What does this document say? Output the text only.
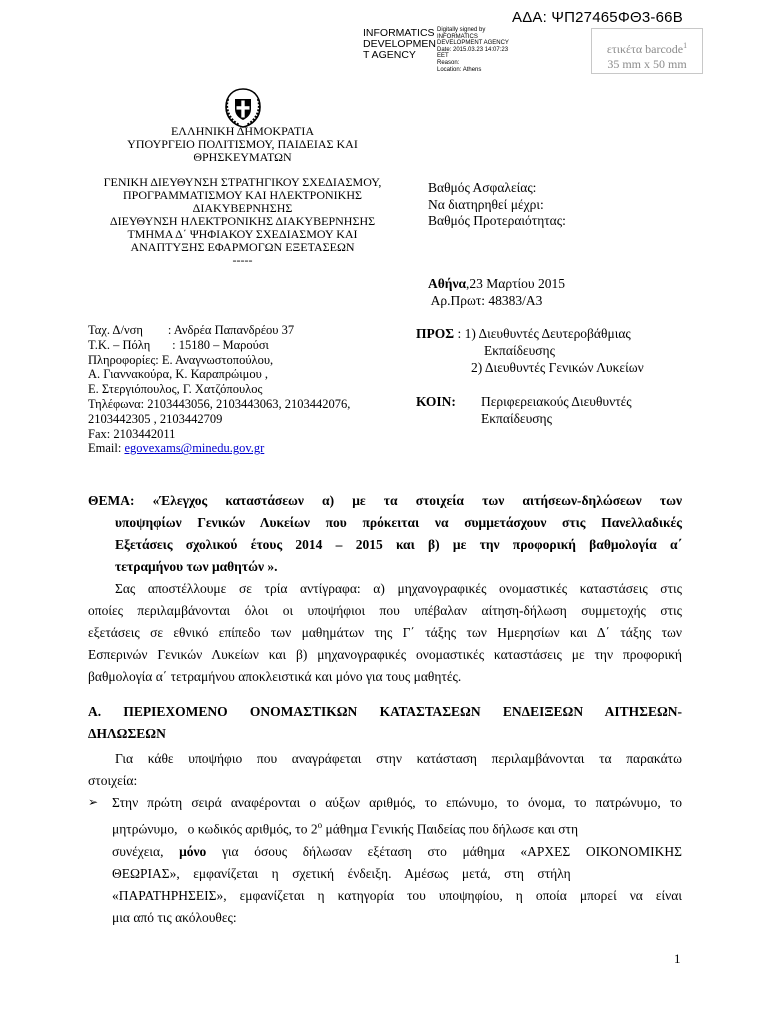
ΑΔΑ: ΨΠ27465ΦΘ3-66Β
INFORMATICS
DEVELOPMEN
T AGENCY
Digitally signed by
INFORMATICS
DEVELOPMENT AGENCY
Date: 2015.03.23 14:07:23
EET
Reason:
Location: Athens
ετικέτα barcode$^1$
35 mm x 50 mm
ΕΛΛΗΝΙΚΗ ΔΗΜΟΚΡΑΤΙΑ
ΥΠΟΥΡΓΕΙΟ ΠΟΛΙΤΙΣΜΟΥ, ΠΑΙΔΕΙΑΣ ΚΑΙ
ΘΡΗΣΚΕΥΜΑΤΩΝ
ΓΕΝΙΚΗ ΔΙΕΥΘΥΝΣΗ ΣΤΡΑΤΗΓΙΚΟΥ ΣΧΕΔΙΑΣΜΟΥ,
ΠΡΟΓΡΑΜΜΑΤΙΣΜΟΥ ΚΑΙ ΗΛΕΚΤΡΟΝΙΚΗΣ
ΔΙΑΚΥΒΕΡΝΗΣΗΣ
ΔΙΕΥΘΥΝΣΗ ΗΛΕΚΤΡΟΝΙΚΗΣ ΔΙΑΚΥΒΕΡΝΗΣΗΣ
ΤΜΗΜΑ Δ΄ ΨΗΦΙΑΚΟΥ ΣΧΕΔΙΑΣΜΟΥ ΚΑΙ
ΑΝΑΠΤΥΞΗΣ ΕΦΑΡΜΟΓΩΝ ΕΞΕΤΑΣΕΩΝ
-----
Βαθμός Ασφαλείας:
Να διατηρηθεί μέχρι:
Βαθμός Προτεραιότητας:
Αθήνα,23 Μαρτίου 2015
Αρ.Πρωτ: 48383/Α3
Ταχ. Δ/νση        : Ανδρέα Παπανδρέου 37
Τ.Κ. – Πόλη       : 15180 – Μαρούσι
Πληροφορίες: Ε. Αναγνωστοπούλου,
Α. Γιαννακούρα, Κ. Καραπρώιμου ,
Ε. Στεργιόπουλος, Γ. Χατζόπουλος
Τηλέφωνα: 2103443056, 2103443063, 2103442076,
2103442305 , 2103442709
Fax: 2103442011
Email: egovexams@minedu.gov.gr
ΠΡΟΣ : 1) Διευθυντές Δευτεροβάθμιας
Εκπαίδευσης
2) Διευθυντές Γενικών Λυκείων
ΚΟΙΝ: Περιφερειακούς Διευθυντές
Εκπαίδευσης
ΘΕΜΑ: «Έλεγχος καταστάσεων α) με τα στοιχεία των αιτήσεων-δηλώσεων των
υποψηφίων Γενικών Λυκείων που πρόκειται να συμμετάσχουν στις Πανελλαδικές
Εξετάσεις σχολικού έτους 2014 – 2015 και β) με την προφορική βαθμολογία α΄
τετραμήνου των μαθητών ».
Σας αποστέλλουμε σε τρία αντίγραφα: α) μηχανογραφικές ονομαστικές καταστάσεις στις
οποίες περιλαμβάνονται όλοι οι υποψήφιοι που υπέβαλαν αίτηση-δήλωση συμμετοχής στις
εξετάσεις σε εθνικό επίπεδο των μαθημάτων της Γ΄ τάξης των Ημερησίων και Δ΄ τάξης των
Εσπερινών Γενικών Λυκείων και β) μηχανογραφικές ονομαστικές καταστάσεις με την προφορική
βαθμολογία α΄ τετραμήνου αποκλειστικά και μόνο για τους μαθητές.
Α. ΠΕΡΙΕΧΟΜΕΝΟ ΟΝΟΜΑΣΤΙΚΩΝ ΚΑΤΑΣΤΑΣΕΩΝ ΕΝΔΕΙΞΕΩΝ ΑΙΤΗΣΕΩΝ-
ΔΗΛΩΣΕΩΝ
Για κάθε υποψήφιο που αναγράφεται στην κατάσταση περιλαμβάνονται τα παρακάτω
στοιχεία:
➢ Στην πρώτη σειρά αναφέρονται ο αύξων αριθμός, το επώνυμο, το όνομα, το πατρώνυμο, το
μητρώνυμο,   ο κωδικός αριθμός, το $2^o$ μάθημα Γενικής Παιδείας που δήλωσε και στη
συνέχεια, μόνο για όσους δήλωσαν εξέταση στο μάθημα «ΑΡΧΕΣ ΟΙΚΟΝΟΜΙΚΗΣ
ΘΕΩΡΙΑΣ»,    εμφανίζεται    η    σχετική    ένδειξη.    Αμέσως    μετά,    στη    στήλη
«ΠΑΡΑΤΗΡΗΣΕΙΣ», εμφανίζεται η κατηγορία του υποψηφίου, η οποία μπορεί να είναι
μια από τις ακόλουθες:
1
